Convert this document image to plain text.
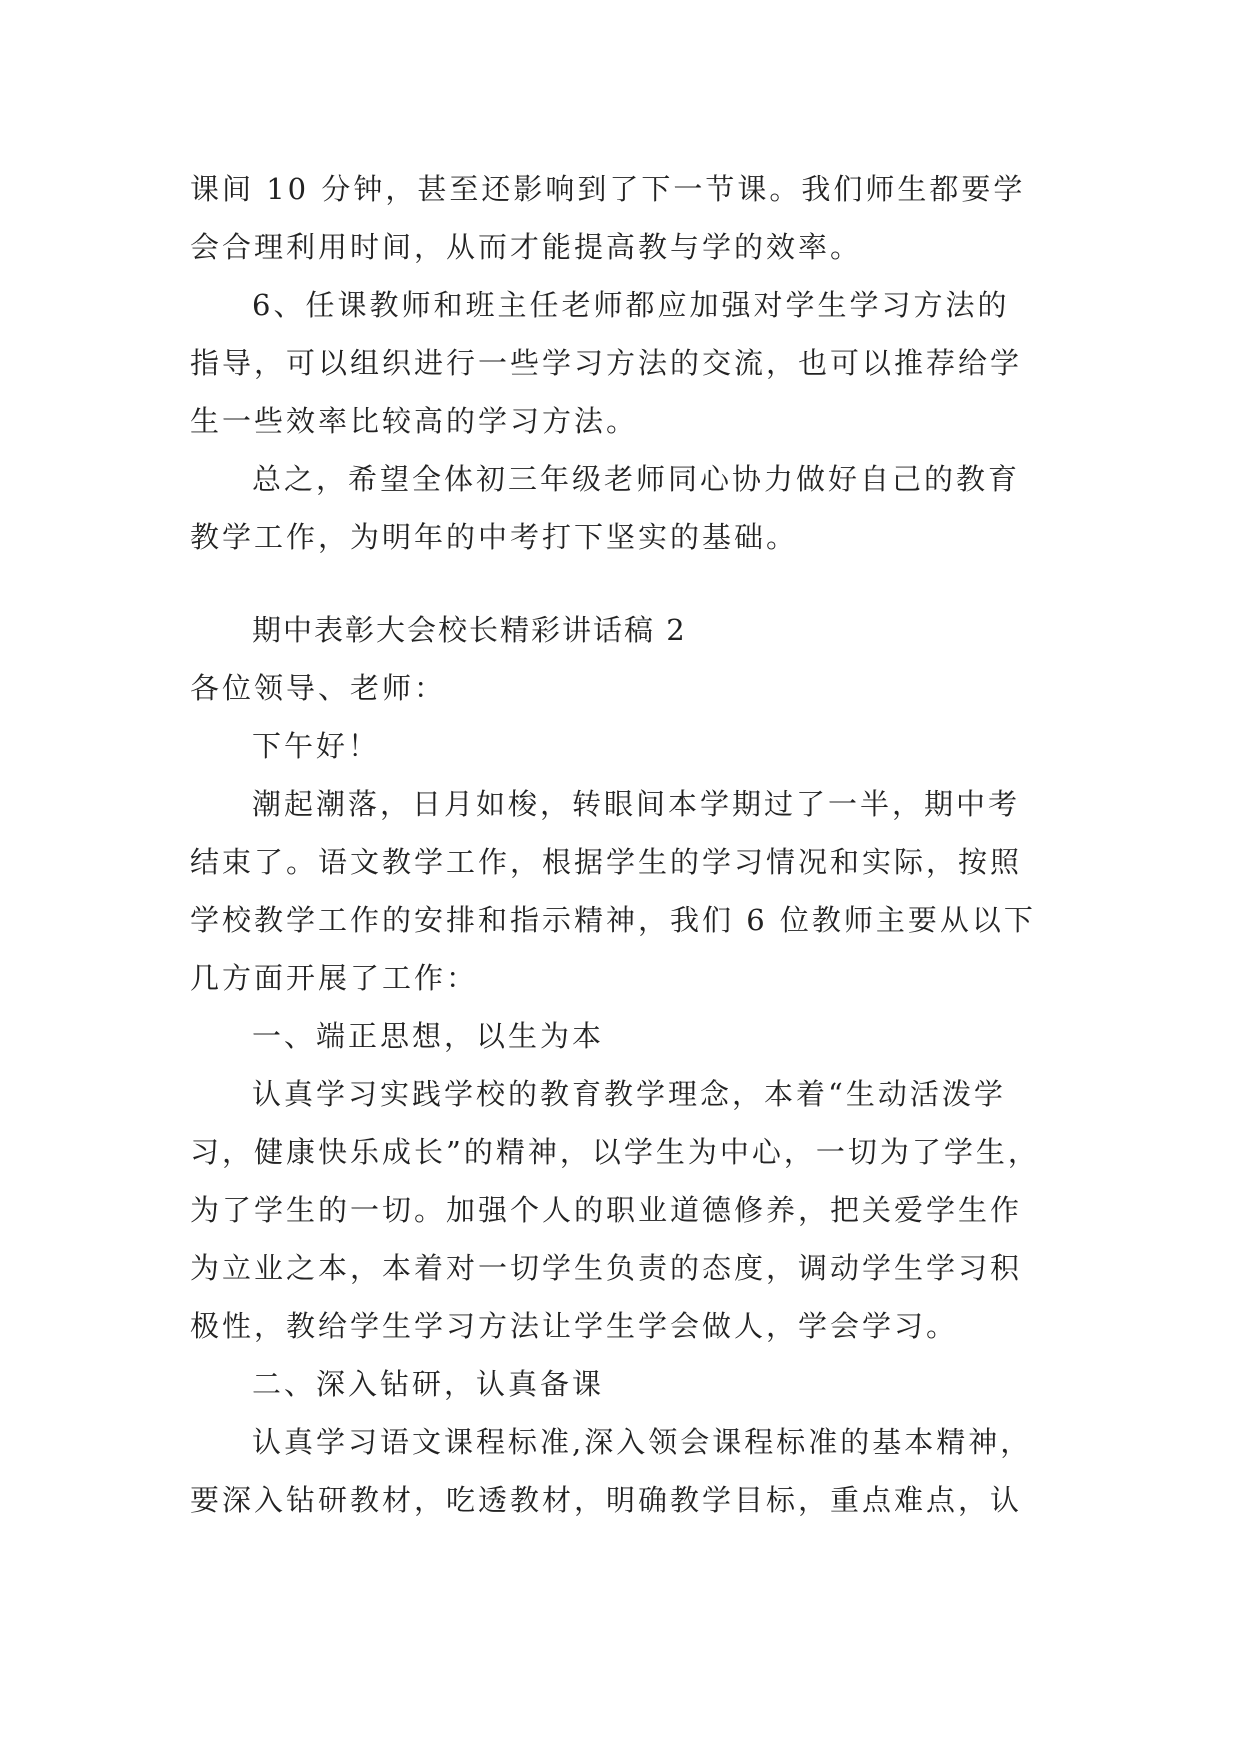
课间 10 分钟，甚至还影响到了下一节课。我们师生都要学
会合理利用时间，从而才能提高教与学的效率。
6、任课教师和班主任老师都应加强对学生学习方法的
指导，可以组织进行一些学习方法的交流，也可以推荐给学
生一些效率比较高的学习方法。
总之，希望全体初三年级老师同心协力做好自己的教育
教学工作，为明年的中考打下坚实的基础。
期中表彰大会校长精彩讲话稿 2
各位领导、老师：
下午好！
潮起潮落，日月如梭，转眼间本学期过了一半，期中考
结束了。语文教学工作，根据学生的学习情况和实际，按照
学校教学工作的安排和指示精神，我们 6 位教师主要从以下
几方面开展了工作：
一、端正思想，以生为本
认真学习实践学校的教育教学理念，本着“生动活泼学
习，健康快乐成长”的精神，以学生为中心，一切为了学生，
为了学生的一切。加强个人的职业道德修养，把关爱学生作
为立业之本，本着对一切学生负责的态度，调动学生学习积
极性，教给学生学习方法让学生学会做人，学会学习。
二、深入钻研，认真备课
认真学习语文课程标准,深入领会课程标准的基本精神，
要深入钻研教材，吃透教材，明确教学目标，重点难点，认
